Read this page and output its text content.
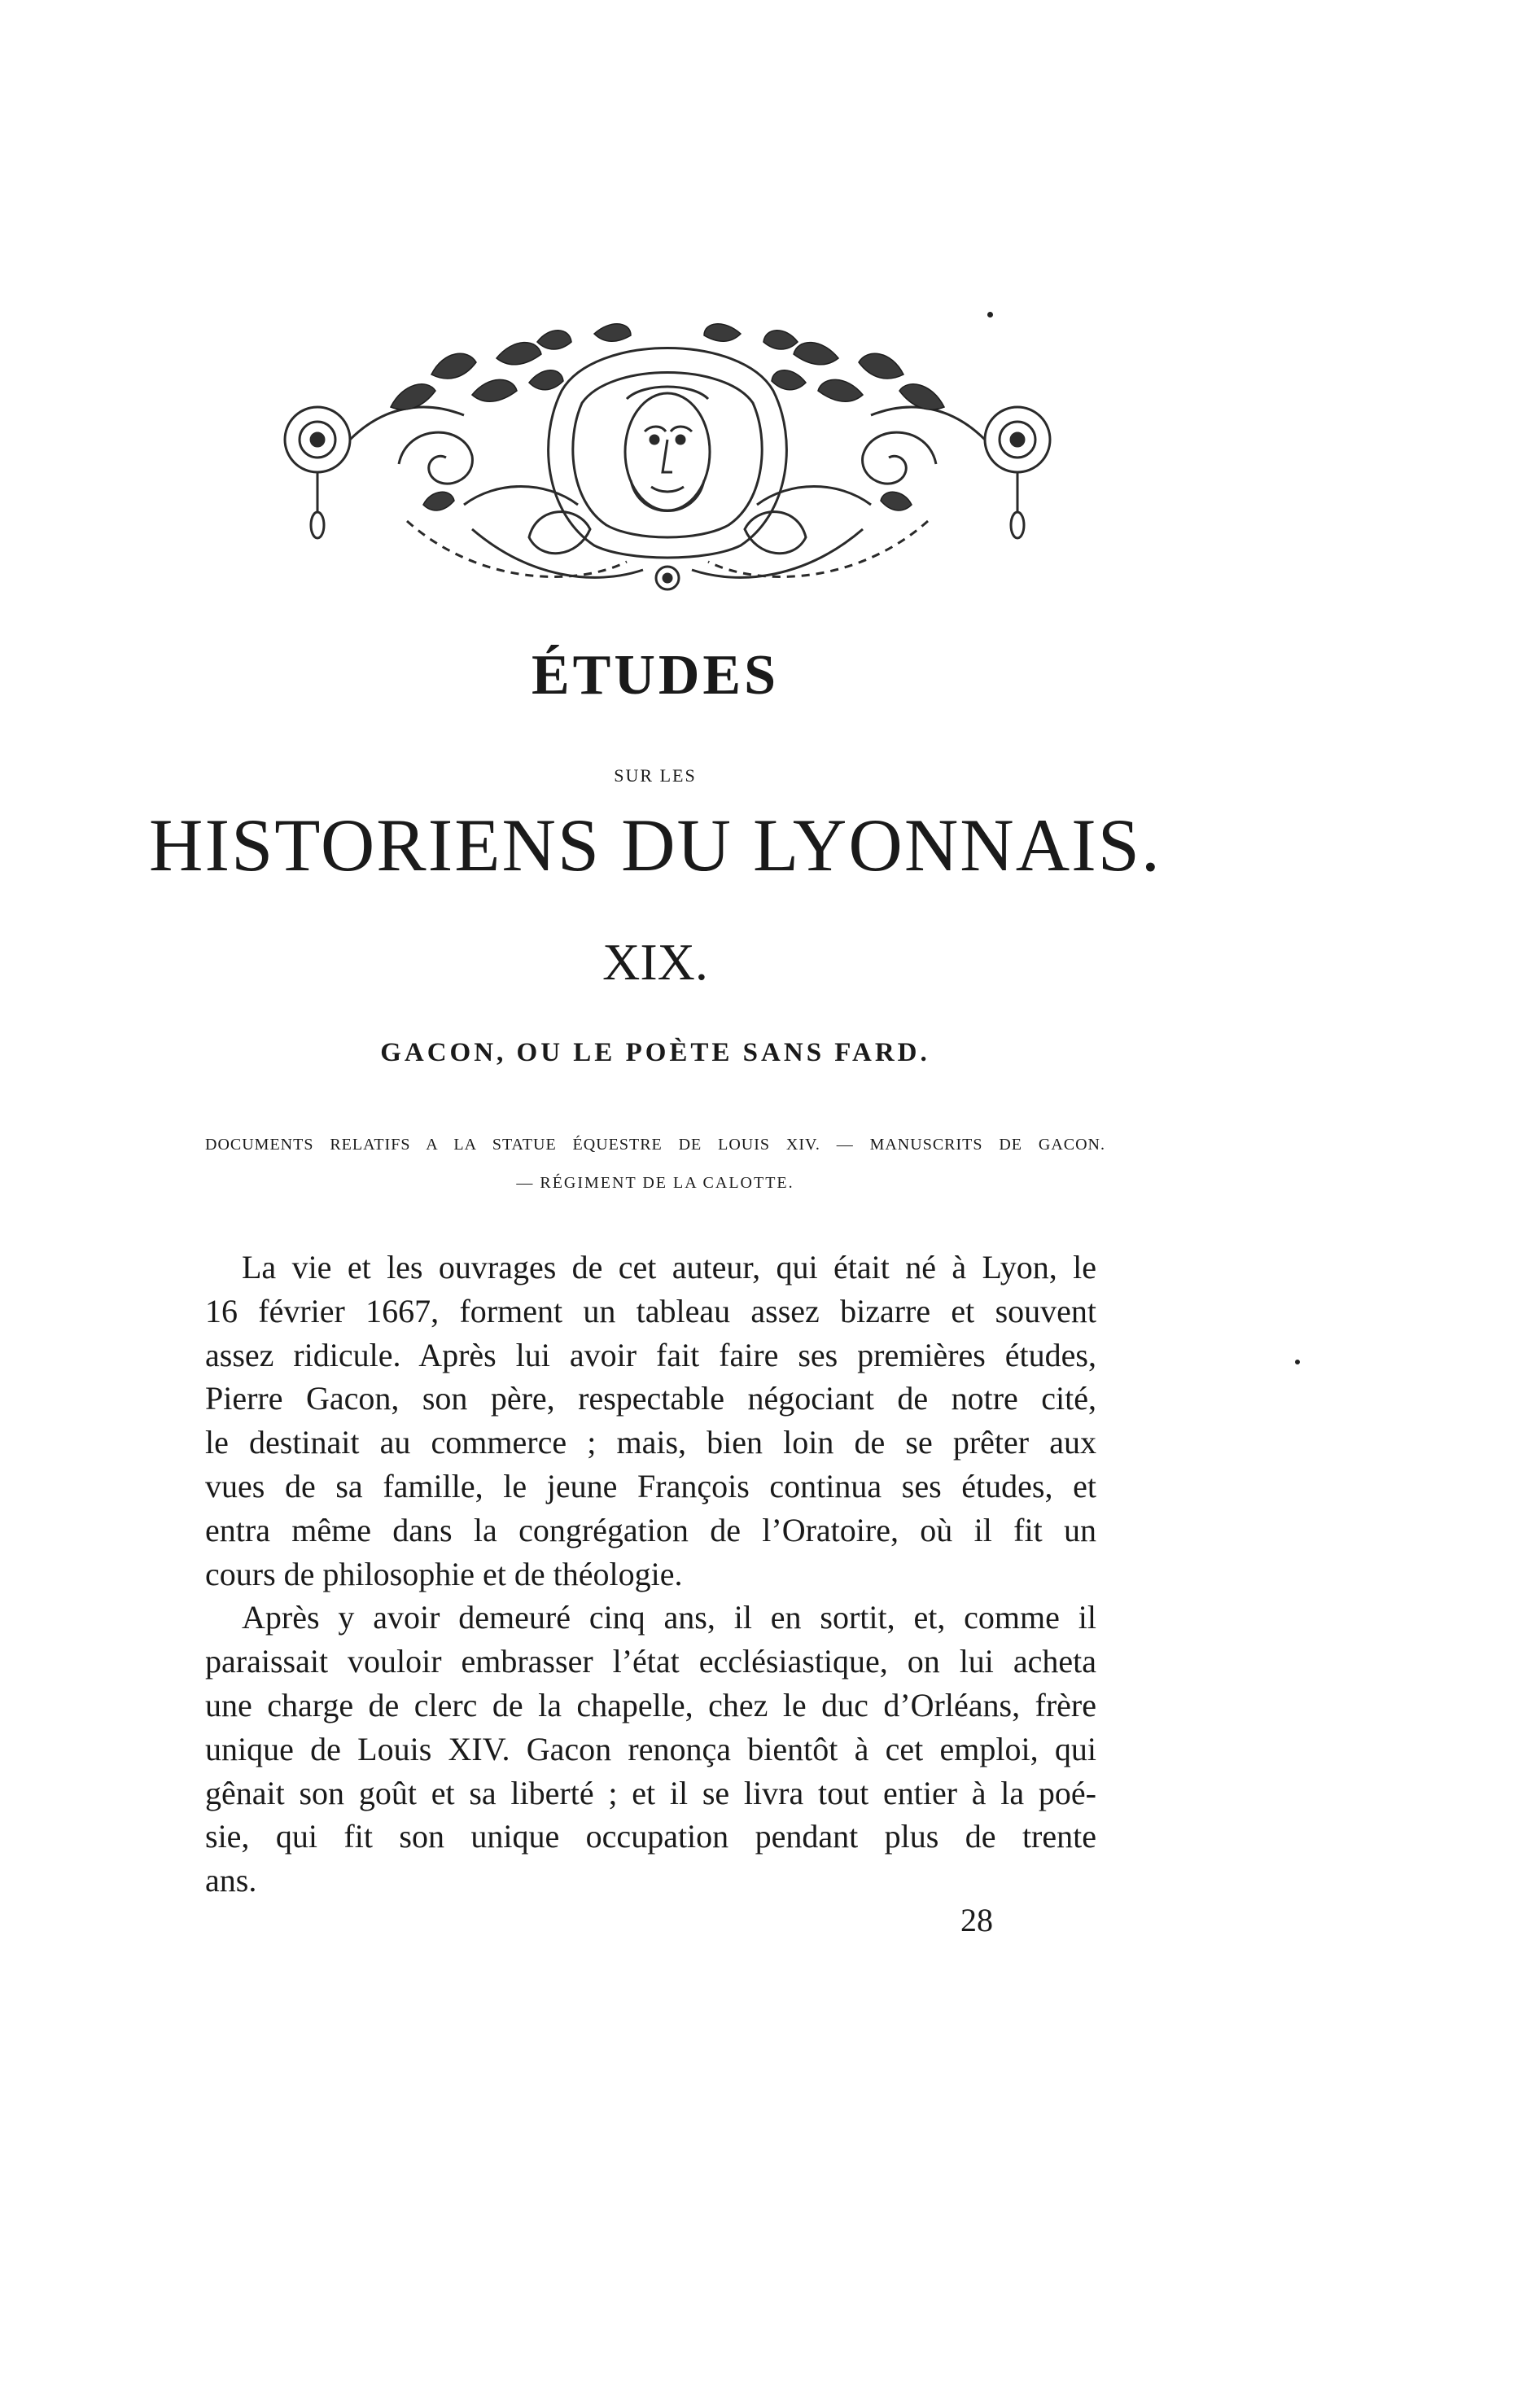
ÉTUDES
SUR LES
HISTORIENS DU LYONNAIS.
XIX.
GACON, OU LE POÈTE SANS FARD.
DOCUMENTS RELATIFS A LA STATUE ÉQUESTRE DE LOUIS XIV. — MANUSCRITS DE GACON.
— RÉGIMENT DE LA CALOTTE.
La vie et les ouvrages de cet auteur, qui était né à Lyon, le
16 février 1667, forment un tableau assez bizarre et souvent
assez ridicule. Après lui avoir fait faire ses premières études,
Pierre Gacon, son père, respectable négociant de notre cité,
le destinait au commerce ; mais, bien loin de se prêter aux
vues de sa famille, le jeune François continua ses études, et
entra même dans la congrégation de l’Oratoire, où il fit un
cours de philosophie et de théologie.
Après y avoir demeuré cinq ans, il en sortit, et, comme il
paraissait vouloir embrasser l’état ecclésiastique, on lui acheta
une charge de clerc de la chapelle, chez le duc d’Orléans, frère
unique de Louis XIV. Gacon renonça bientôt à cet emploi, qui
gênait son goût et sa liberté ; et il se livra tout entier à la poé-
sie, qui fit son unique occupation pendant plus de trente
ans.
28
